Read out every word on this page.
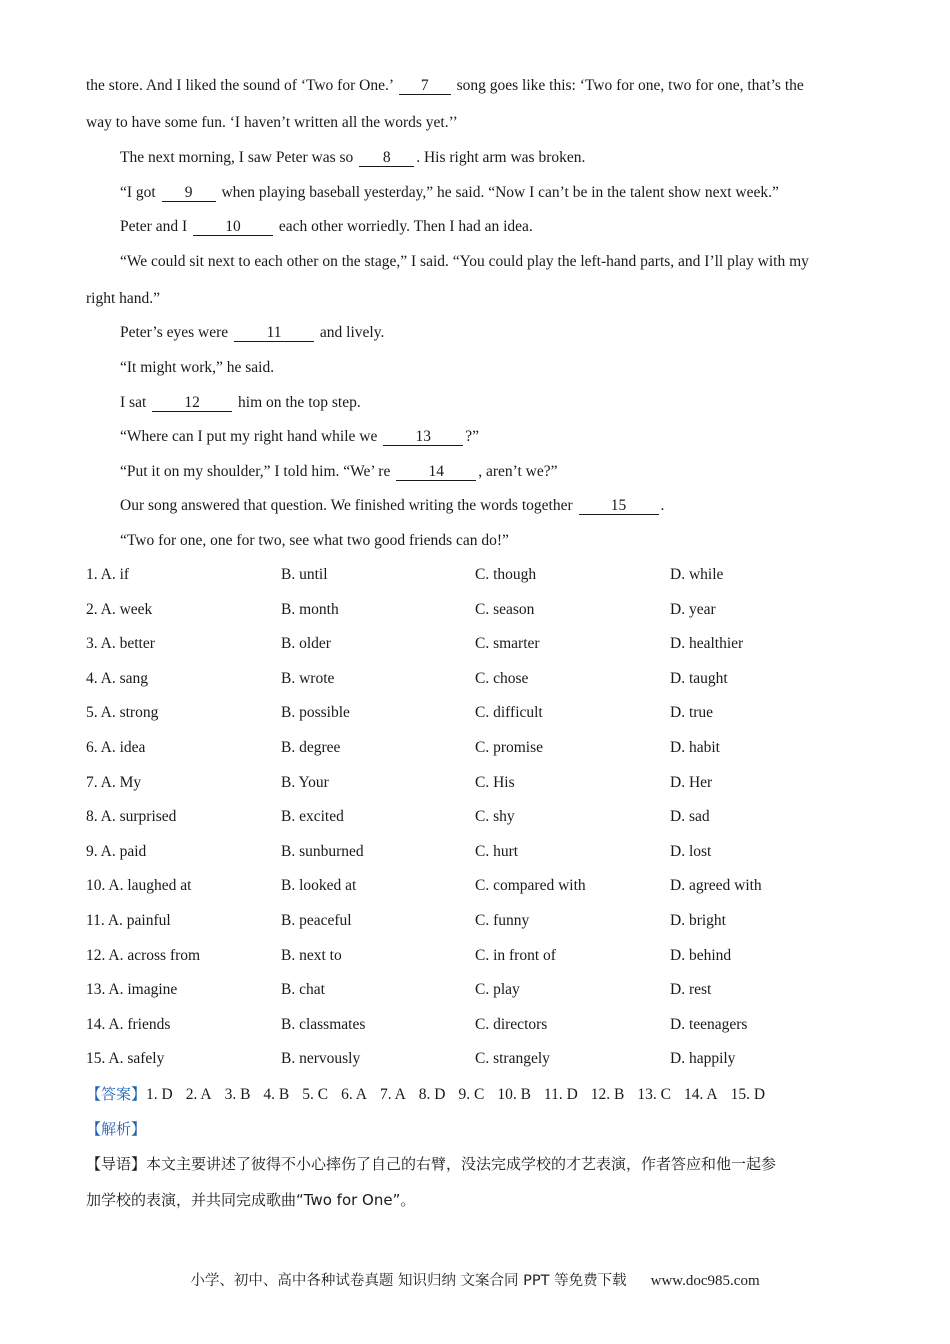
the store. And I liked the sound of ‘Two for One.’ 7 song goes like this: ‘Two for one, two for one, that’s the
way to have some fun. ‘I haven’t written all the words yet.’’
The next morning, I saw Peter was so 8 . His right arm was broken.
“I got 9 when playing baseball yesterday,” he said. “Now I can’t be in the talent show next week.”
Peter and I 10 each other worriedly. Then I had an idea.
“We could sit next to each other on the stage,” I said. “You could play the left-hand parts, and I’ll play with my
right hand.”
Peter’s eyes were 11 and lively.
“It might work,” he said.
I sat 12 him on the top step.
“Where can I put my right hand while we 13 ?”
“Put it on my shoulder,” I told him. “We’ re 14 , aren’t we?”
Our song answered that question. We finished writing the words together 15 .
“Two for one, one for two, see what two good friends can do!”
1. A. if	B. until	C. though	D. while
2. A. week	B. month	C. season	D. year
3. A. better	B. older	C. smarter	D. healthier
4. A. sang	B. wrote	C. chose	D. taught
5. A. strong	B. possible	C. difficult	D. true
6. A. idea	B. degree	C. promise	D. habit
7. A. My	B. Your	C. His	D. Her
8. A. surprised	B. excited	C. shy	D. sad
9. A. paid	B. sunburned	C. hurt	D. lost
10. A. laughed at	B. looked at	C. compared with	D. agreed with
11. A. painful	B. peaceful	C. funny	D. bright
12. A. across from	B. next to	C. in front of	D. behind
13. A. imagine	B. chat	C. play	D. rest
14. A. friends	B. classmates	C. directors	D. teenagers
15. A. safely	B. nervously	C. strangely	D. happily
【答案】1. D 2. A 3. B 4. B 5. C 6. A 7. A 8. D 9. C 10. B 11. D 12. B 13. C 14. A 15. D
【解析】
【导语】本文主要讲述了彼得不小心摔伤了自己的右臂，没法完成学校的才艺表演，作者答应和他一起参
加学校的表演，并共同完成歌曲“Two for One”。
小学、初中、高中各种试卷真题 知识归纳 文案合同 PPT 等免费下载 www.doc985.com
